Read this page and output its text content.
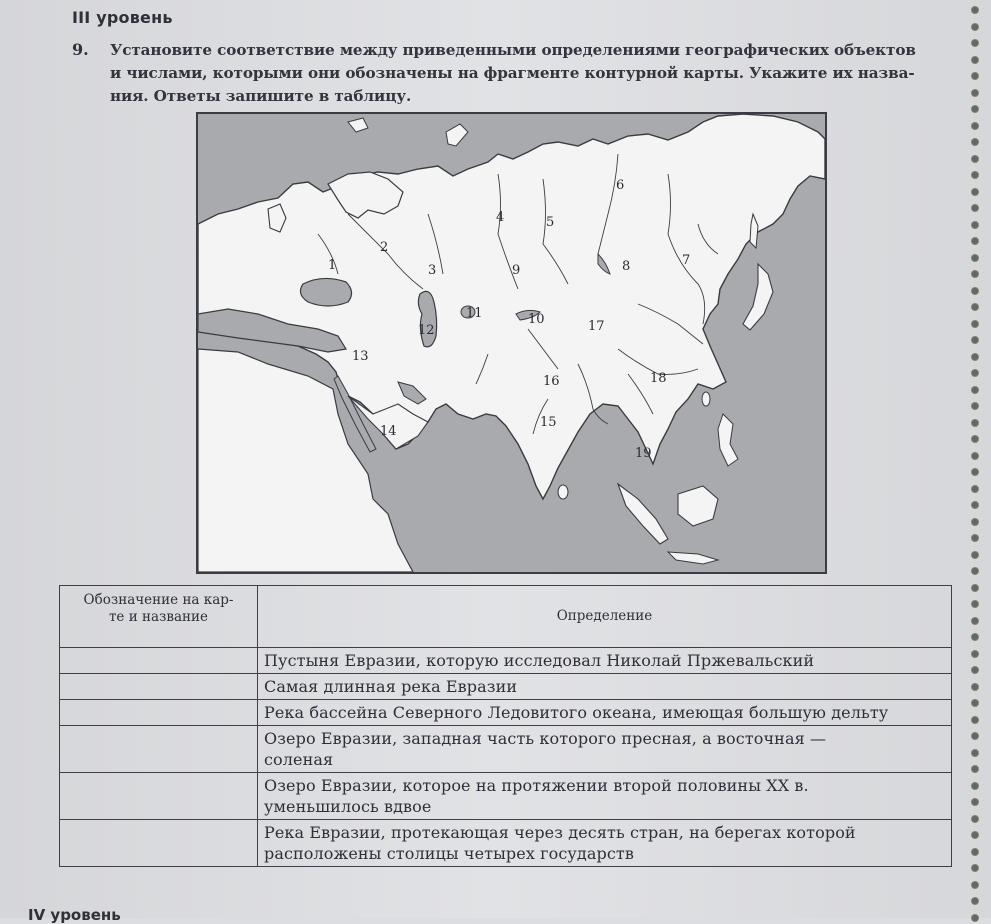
III уровень
9. Установите соответствие между приведенными определениями географических объектов
и числами, которыми они обозначены на фрагменте контурной карты. Укажите их назва-
ния. Ответы запишите в таблицу.
1
2
3
4	5
6
7
8
9
10
11
12
13
14
15
16
17
18
19
Обозначение на кар-
те и название	Определение

	Пустыня Евразии, которую исследовал Николай Пржевальский

	Самая длинная река Евразии

	Река бассейна Северного Ледовитого океана, имеющая большую дельту

	Озеро Евразии, западная часть которого пресная, а восточная —
соленая

	Озеро Евразии, которое на протяжении второй половины XX в.
уменьшилось вдвое

	Река Евразии, протекающая через десять стран, на берегах которой
расположены столицы четырех государств
IV уровень
